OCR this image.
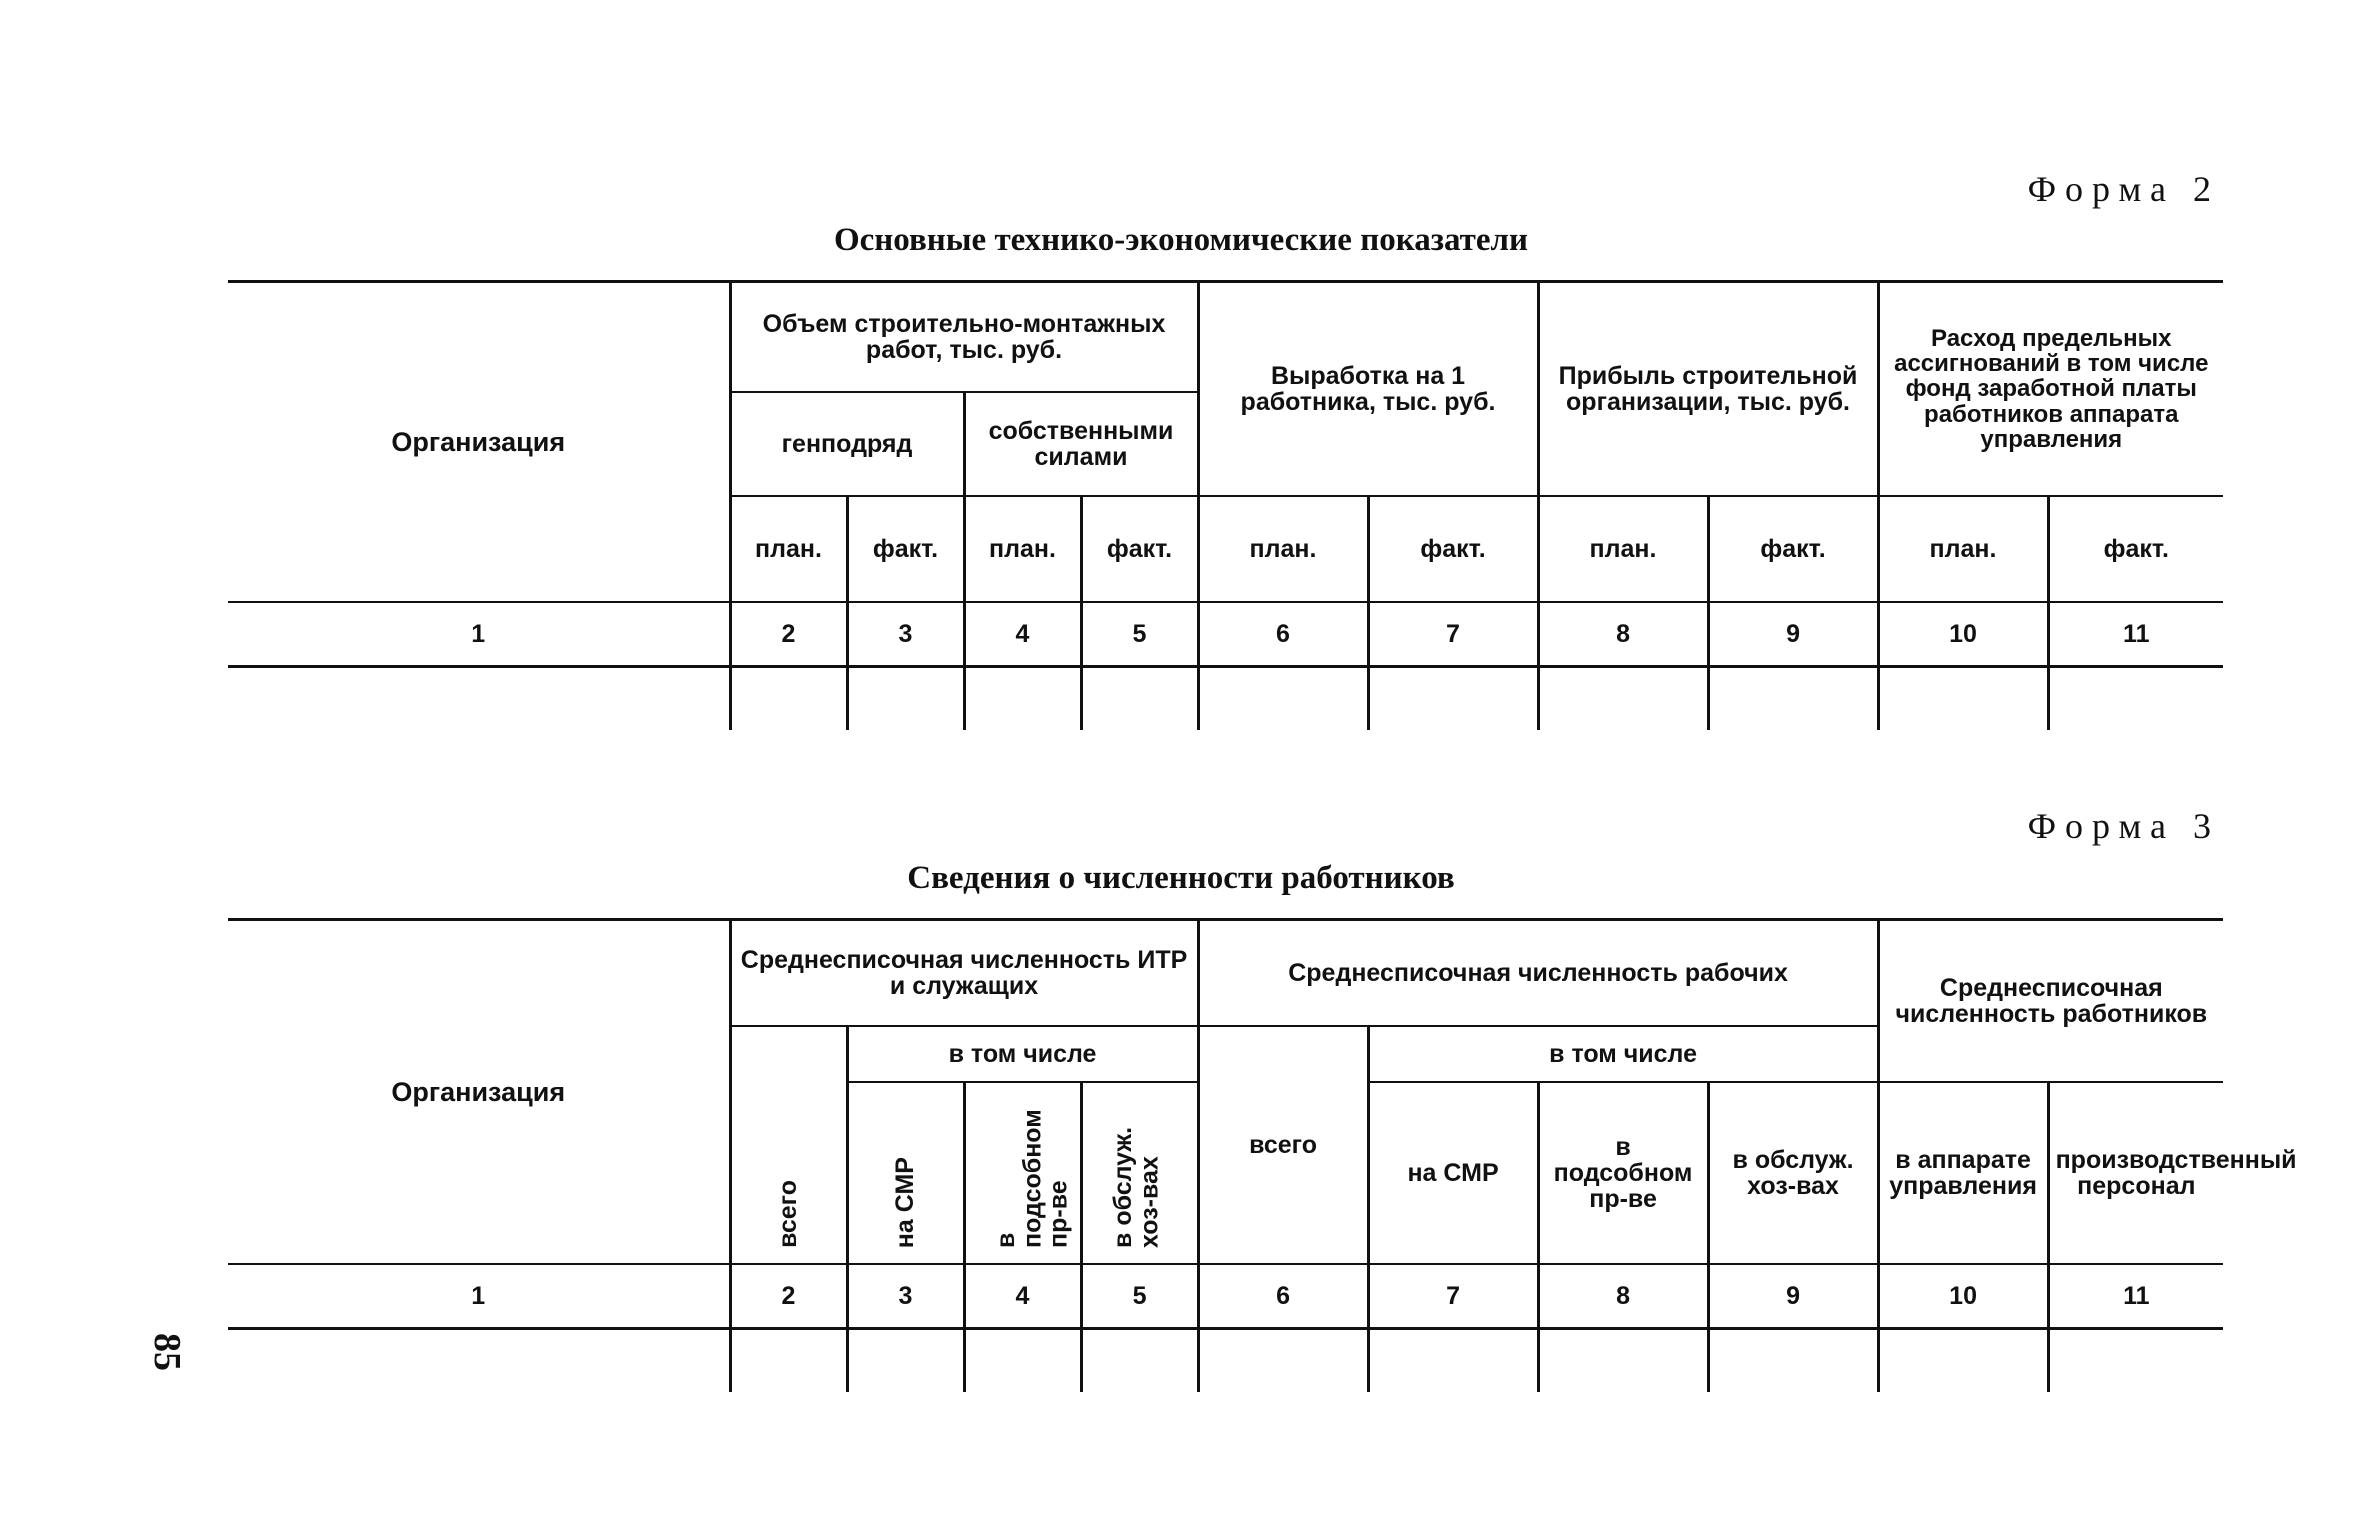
Форма 2
Основные технико-экономические показатели
Организация	Объем строительно-монтажных работ, тыс. руб.				Выработка на 1 работника, тыс. руб.		Прибыль строительной организации, тыс. руб.		Расход предельных ассигнований в том числе фонд заработной платы работников аппарата управления	
	генподряд		собственными силами							
	план.	факт.	план.	факт.	план.	факт.	план.	факт.	план.	факт.
1	2	3	4	5	6	7	8	9	10	11

Форма 3
Сведения о численности работников
Организация	Среднесписочная численность ИТР и служащих				Среднесписочная численность рабочих				Среднесписочная численность работников	
	всего	в том числе			всего	в том числе				
		на СМР	в подсобном пр-ве	в обслуж. хоз-вах		на СМР	в подсобном пр-ве	в обслуж. хоз-вах	в аппарате управления	производственный персонал
1	2	3	4	5	6	7	8	9	10	11

85
